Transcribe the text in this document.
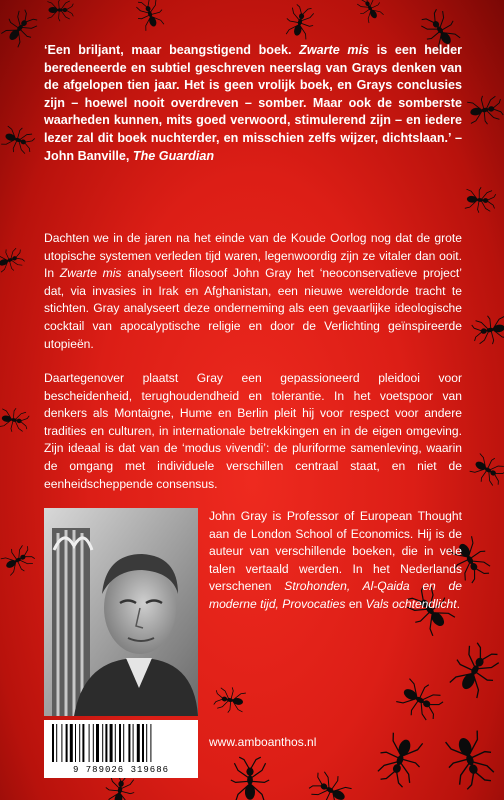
‘Een briljant, maar beangstigend boek. Zwarte mis is een helder beredeneerde en subtiel geschreven neerslag van Grays denken van de afgelopen tien jaar. Het is geen vrolijk boek, en Grays conclusies zijn – hoewel nooit overdreven – somber. Maar ook de somberste waarheden kunnen, mits goed verwoord, stimulerend zijn – en iedere lezer zal dit boek nuchterder, en misschien zelfs wijzer, dichtslaan.’ – John Banville, The Guardian

Dachten we in de jaren na het einde van de Koude Oorlog nog dat de grote utopische systemen verleden tijd waren, legenwoordig zijn ze vitaler dan ooit. In Zwarte mis analyseert filosoof John Gray het ‘neoconservatieve project’ dat, via invasies in Irak en Afghanistan, een nieuwe wereldorde tracht te stichten. Gray analyseert deze onderneming als een gevaarlijke ideologische cocktail van apocalyptische religie en door de Verlichting geïnspireerde utopieën.

Daartegenover plaatst Gray een gepassioneerd pleidooi voor bescheidenheid, terughoudendheid en tolerantie. In het voetspoor van denkers als Montaigne, Hume en Berlin pleit hij voor respect voor andere tradities en culturen, in internationale betrekkingen en in de eigen omgeving. Zijn ideaal is dat van de ‘modus vivendi’: de pluriforme samenleving, waarin de omgang met individuele verschillen centraal staat, en niet de eenheidscheppende consensus.

John Gray is Professor of European Thought aan de London School of Economics. Hij is de auteur van verschillende boeken, die in vele talen vertaald werden. In het Nederlands verschenen Strohonden, Al-Qaida en de moderne tijd, Provocaties en Vals ochtendlicht.

9 789026 319686

www.amboanthos.nl
